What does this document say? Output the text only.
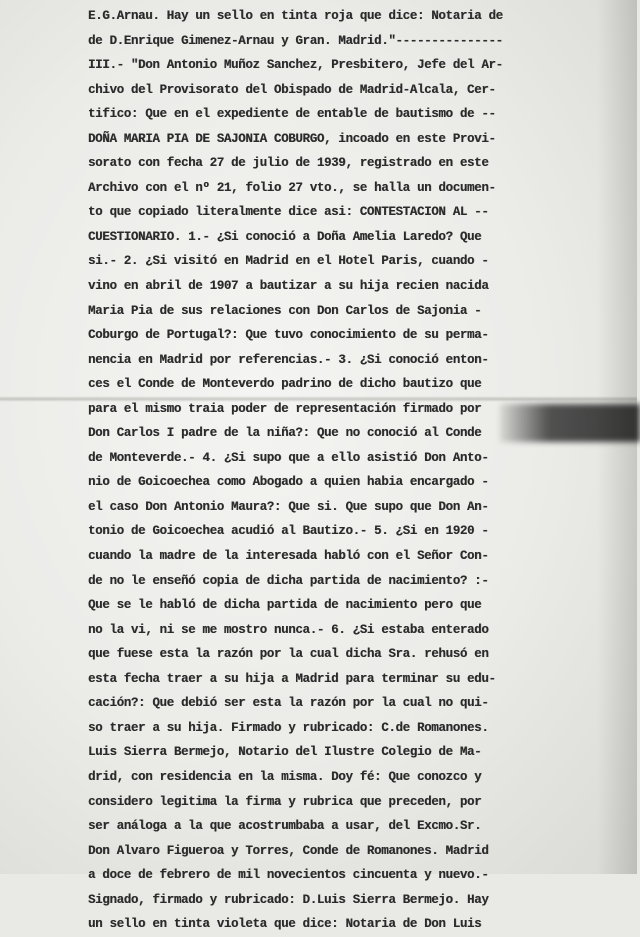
E.G.Arnau. Hay un sello en tinta roja que dice: Notaria de
de D.Enrique Gimenez-Arnau y Gran. Madrid."---------------
III.- "Don Antonio Muñoz Sanchez, Presbitero, Jefe del Ar-
chivo del Provisorato del Obispado de Madrid-Alcala, Cer-
tifico: Que en el expediente de entable de bautismo de --
DOÑA MARIA PIA DE SAJONIA COBURGO, incoado en este Provi-
sorato con fecha 27 de julio de 1939, registrado en este
Archivo con el nº 21, folio 27 vto., se halla un documen-
to que copiado literalmente dice asi: CONTESTACION AL --
CUESTIONARIO. 1.- ¿Si conoció a Doña Amelia Laredo? Que
si.- 2. ¿Si visitó en Madrid en el Hotel Paris, cuando -
vino en abril de 1907 a bautizar a su hija recien nacida
Maria Pia de sus relaciones con Don Carlos de Sajonia -
Coburgo de Portugal?: Que tuvo conocimiento de su perma-
nencia en Madrid por referencias.- 3. ¿Si conoció enton-
ces el Conde de Monteverdo padrino de dicho bautizo que
para el mismo traia poder de representación firmado por
Don Carlos I padre de la niña?: Que no conoció al Conde
de Monteverde.- 4. ¿Si supo que a ello asistió Don Anto-
nio de Goicoechea como Abogado a quien habia encargado -
el caso Don Antonio Maura?: Que si. Que supo que Don An-
tonio de Goicoechea acudió al Bautizo.- 5. ¿Si en 1920 -
cuando la madre de la interesada habló con el Señor Con-
de no le enseñó copia de dicha partida de nacimiento? :-
Que se le habló de dicha partida de nacimiento pero que
no la vi, ni se me mostro nunca.- 6. ¿Si estaba enterado
que fuese esta la razón por la cual dicha Sra. rehusó en
esta fecha traer a su hija a Madrid para terminar su edu-
cación?: Que debió ser esta la razón por la cual no qui-
so traer a su hija. Firmado y rubricado: C.de Romanones.
Luis Sierra Bermejo, Notario del Ilustre Colegio de Ma-
drid, con residencia en la misma. Doy fé: Que conozco y
considero legitima la firma y rubrica que preceden, por
ser análoga a la que acostrumbaba a usar, del Excmo.Sr.
Don Alvaro Figueroa y Torres, Conde de Romanones. Madrid
a doce de febrero de mil novecientos cincuenta y nuevo.-
Signado, firmado y rubricado: D.Luis Sierra Bermejo. Hay
un sello en tinta violeta que dice: Notaria de Don Luis
